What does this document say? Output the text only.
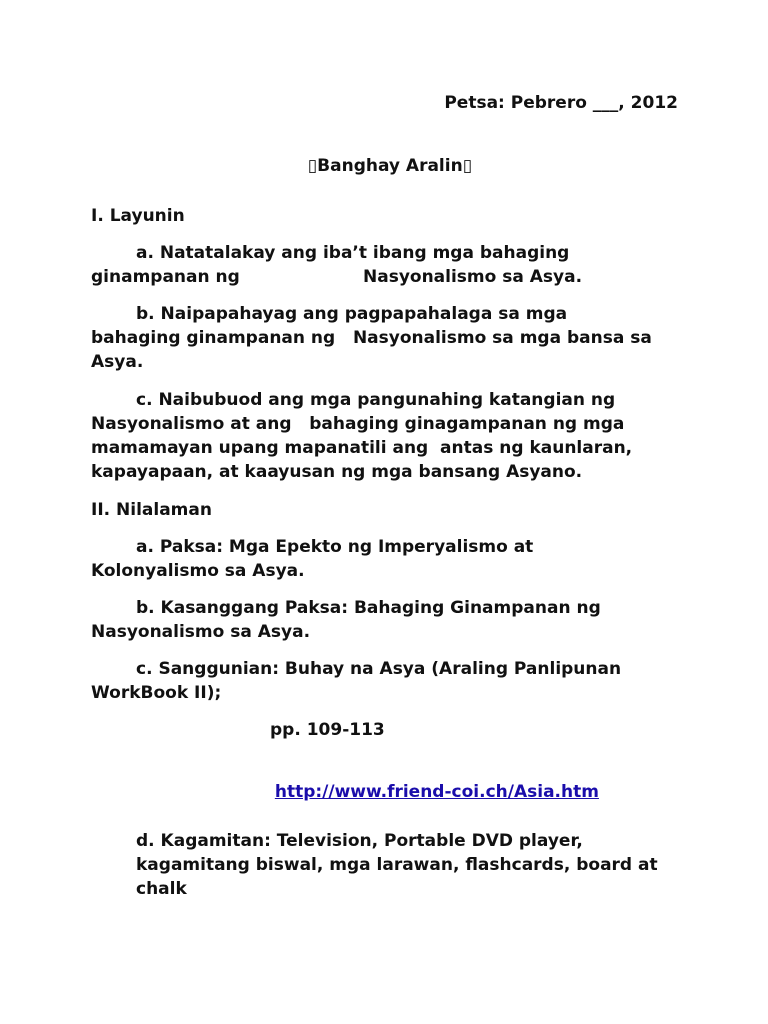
Petsa: Pebrero ___, 2012

▯Banghay Aralin▯

I. Layunin
a. Natatalakay ang iba’t ibang mga bahaging
ginampanan ng	Nasyonalismo sa Asya.
b. Naipapahayag ang pagpapahalaga sa mga
bahaging ginampanan ng   Nasyonalismo sa mga bansa sa
Asya.
c. Naibubuod ang mga pangunahing katangian ng
Nasyonalismo at ang   bahaging ginagampanan ng mga
mamamayan upang mapanatili ang  antas ng kaunlaran,
kapayapaan, at kaayusan ng mga bansang Asyano.
II. Nilalaman
a. Paksa: Mga Epekto ng Imperyalismo at
Kolonyalismo sa Asya.
b. Kasanggang Paksa: Bahaging Ginampanan ng
Nasyonalismo sa Asya.
c. Sanggunian: Buhay na Asya (Araling Panlipunan
WorkBook II);
pp. 109-113

http://www.friend-coi.ch/Asia.htm

d. Kagamitan: Television, Portable DVD player,
kagamitang biswal, mga larawan, flashcards, board at
chalk
